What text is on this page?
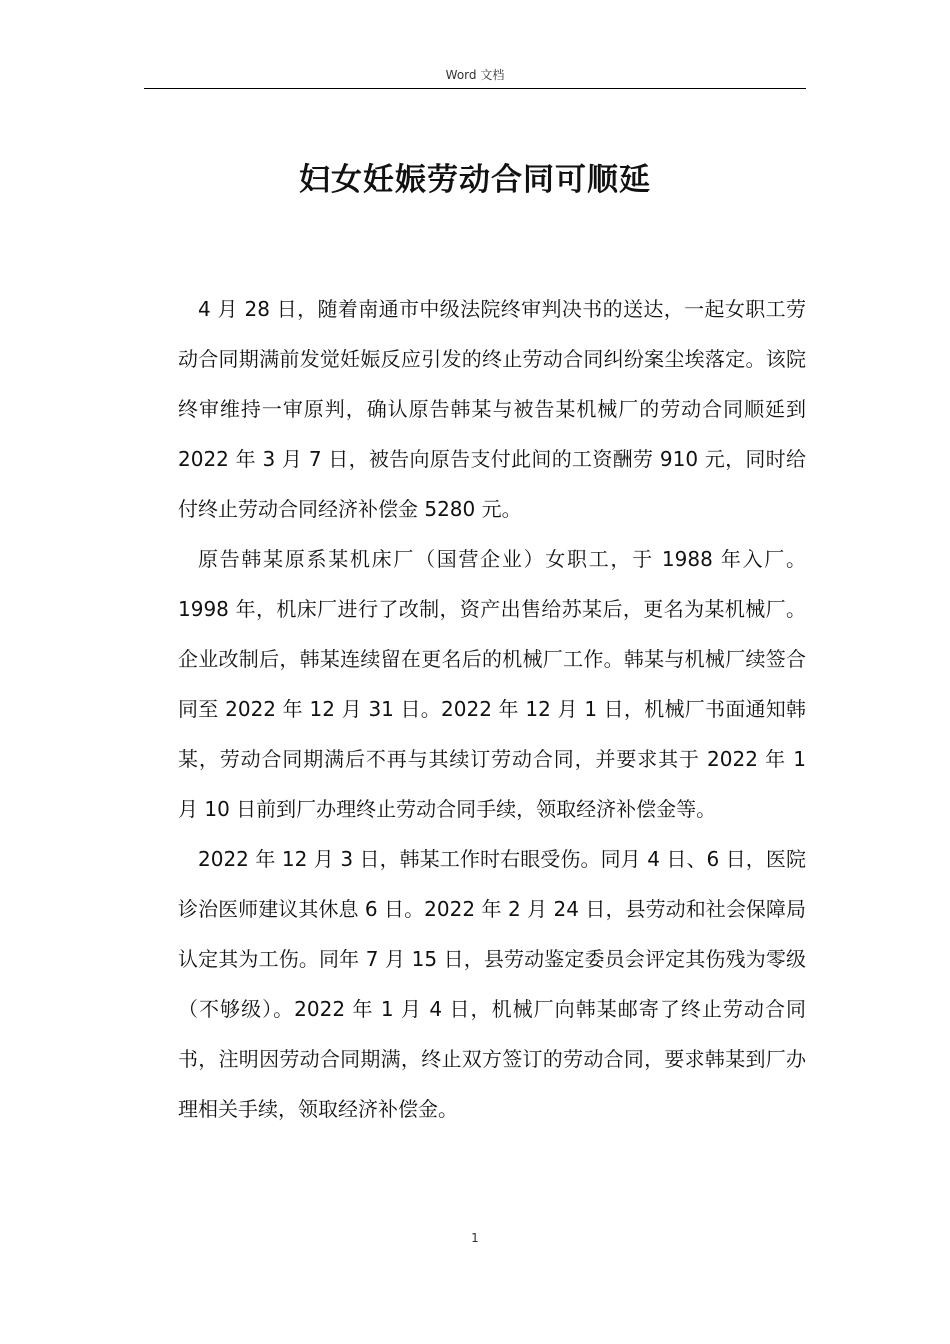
Word 文档
妇女妊娠劳动合同可顺延

4 月 28 日，随着南通市中级法院终审判决书的送达，一起女职工劳动合同期满前发觉妊娠反应引发的终止劳动合同纠纷案尘埃落定。该院终审维持一审原判，确认原告韩某与被告某机械厂的劳动合同顺延到 2022 年 3 月 7 日，被告向原告支付此间的工资酬劳 910 元，同时给付终止劳动合同经济补偿金 5280 元。

原告韩某原系某机床厂（国营企业）女职工，于 1988 年入厂。1998 年，机床厂进行了改制，资产出售给苏某后，更名为某机械厂。企业改制后，韩某连续留在更名后的机械厂工作。韩某与机械厂续签合同至 2022 年 12 月 31 日。2022 年 12 月 1 日，机械厂书面通知韩某，劳动合同期满后不再与其续订劳动合同，并要求其于 2022 年 1 月 10 日前到厂办理终止劳动合同手续，领取经济补偿金等。

2022 年 12 月 3 日，韩某工作时右眼受伤。同月 4 日、6 日，医院诊治医师建议其休息 6 日。2022 年 2 月 24 日，县劳动和社会保障局认定其为工伤。同年 7 月 15 日，县劳动鉴定委员会评定其伤残为零级（不够级）。2022 年 1 月 4 日，机械厂向韩某邮寄了终止劳动合同书，注明因劳动合同期满，终止双方签订的劳动合同，要求韩某到厂办理相关手续，领取经济补偿金。

1
